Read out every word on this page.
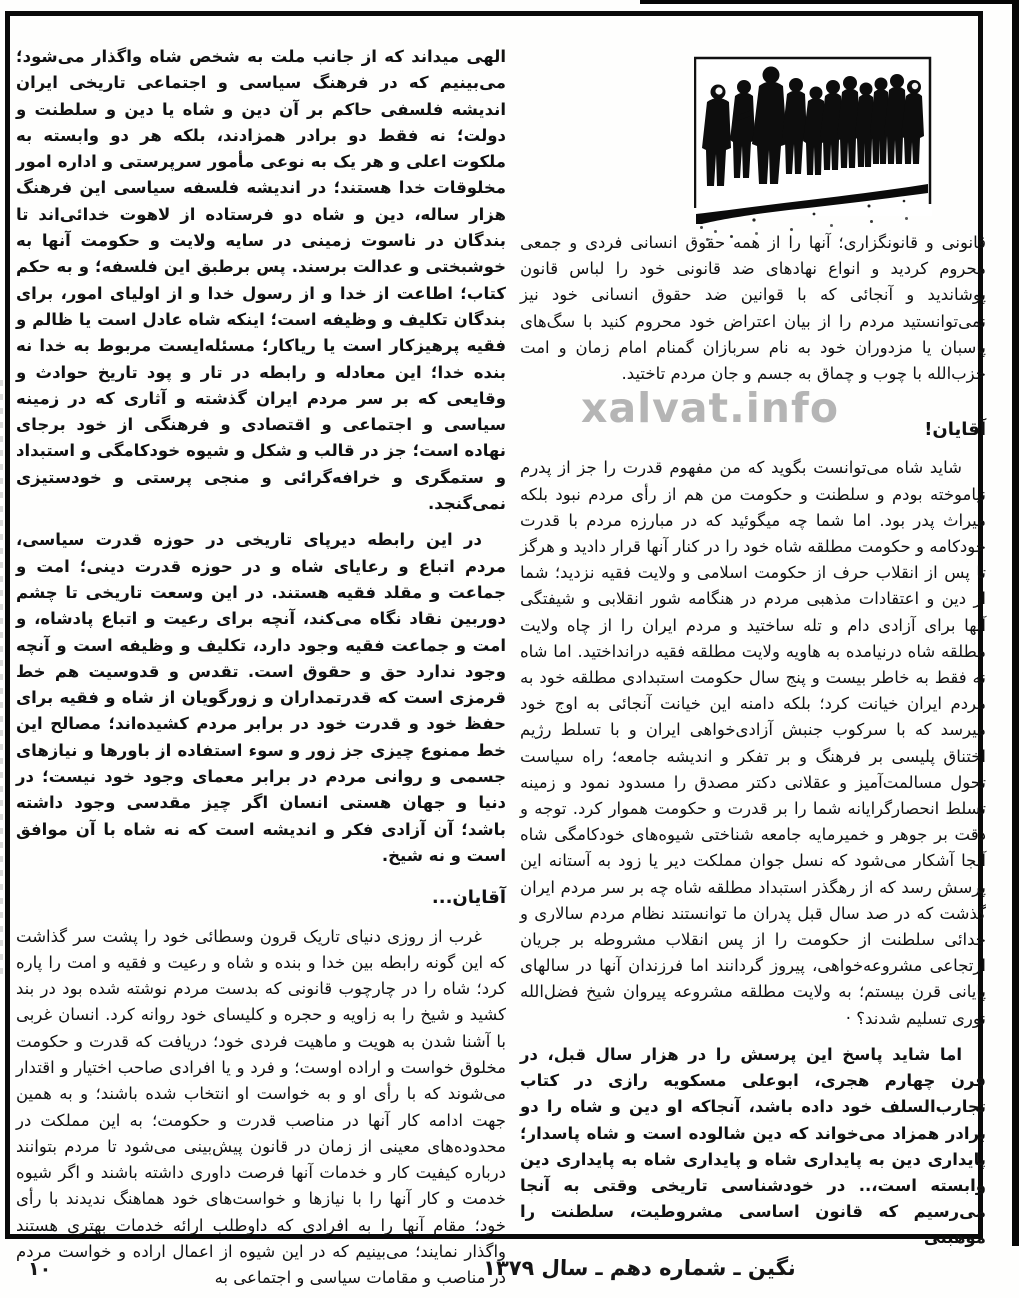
الهی میداند که از جانب ملت به شخص شاه واگذار می‌شود؛ می‌بینیم که در فرهنگ سیاسی و اجتماعی تاریخی ایران اندیشه فلسفی حاکم بر آن دین و شاه یا دین و سلطنت و دولت؛ نه فقط دو برادر همزادند، بلکه هر دو وابسته به ملکوت اعلی و هر یک به نوعی مأمور سرپرستی و اداره امور مخلوقات خدا هستند؛ در اندیشه فلسفه سیاسی این فرهنگ هزار ساله، دین و شاه دو فرستاده از لاهوت خدائی‌اند تا بندگان در ناسوت زمینی در سایه ولایت و حکومت آنها به خوشبختی و عدالت برسند. پس برطبق این فلسفه؛ و به حکم کتاب؛ اطاعت از خدا و از رسول خدا و از اولیای امور، برای بندگان تکلیف و وظیفه است؛ اینکه شاه عادل است یا ظالم و فقیه پرهیزکار است یا ریاکار؛ مسئله‌ایست مربوط به خدا نه بنده خدا؛ این معادله و رابطه در تار و پود تاریخ حوادث و وقایعی که بر سر مردم ایران گذشته و آثاری که در زمینه سیاسی و اجتماعی و اقتصادی و فرهنگی از خود برجای نهاده است؛ جز در قالب و شکل و شیوه خودکامگی و استبداد و ستمگری و خرافه‌گرائی و منجی پرستی و خودستیزی نمی‌گنجد.

در این رابطه دیرپای تاریخی در حوزه قدرت سیاسی، مردم اتباع و رعایای شاه و در حوزه قدرت دینی؛ امت و جماعت و مقلد فقیه هستند. در این وسعت تاریخی تا چشم دوربین نقاد نگاه می‌کند، آنچه برای رعیت و اتباع پادشاه، و امت و جماعت فقیه وجود دارد، تکلیف و وظیفه است و آنچه وجود ندارد حق و حقوق است. تقدس و قدوسیت هم خط قرمزی است که قدرتمداران و زورگویان از شاه و فقیه برای حفظ خود و قدرت خود در برابر مردم کشیده‌اند؛ مصالح این خط ممنوع چیزی جز زور و سوء استفاده از باورها و نیازهای جسمی و روانی مردم در برابر معمای وجود خود نیست؛ در دنیا و جهان هستی انسان اگر چیز مقدسی وجود داشته باشد؛ آن آزادی فکر و اندیشه است که نه شاه با آن موافق است و نه شیخ.

آقایان...

غرب از روزی دنیای تاریک قرون وسطائی خود را پشت سر گذاشت که این گونه رابطه بین خدا و بنده و شاه و رعیت و فقیه و امت را پاره کرد؛ شاه را در چارچوب قانونی که بدست مردم نوشته شده بود در بند کشید و شیخ را به زاویه و حجره و کلیسای خود روانه کرد. انسان غربی با آشنا شدن به هویت و ماهیت فردی خود؛ دریافت که قدرت و حکومت مخلوق خواست و اراده اوست؛ و فرد و یا افرادی صاحب اختیار و اقتدار می‌شوند که با رأی او و به خواست او انتخاب شده باشند؛ و به همین جهت ادامه کار آنها در مناصب قدرت و حکومت؛ به این مملکت در محدوده‌های معینی از زمان در قانون پیش‌بینی می‌شود تا مردم بتوانند درباره کیفیت کار و خدمات آنها فرصت داوری داشته باشند و اگر شیوه خدمت و کار آنها را با نیازها و خواست‌های خود هماهنگ ندیدند با رأی خود؛ مقام آنها را به افرادی که داوطلب ارائه خدمات بهتری هستند واگذار نمایند؛ می‌بینیم که در این شیوه از اعمال اراده و خواست مردم در مناصب و مقامات سیاسی و اجتماعی به

xalvat.info

قانونی و قانونگزاری؛ آنها را از همه حقوق انسانی فردی و جمعی محروم کردید و انواع نهادهای ضد قانونی خود را لباس قانون پوشاندید و آنجائی که با قوانین ضد حقوق انسانی خود نیز نمی‌توانستید مردم را از بیان اعتراض خود محروم کنید با سگ‌های پاسبان یا مزدوران خود به نام سربازان گمنام امام زمان و امت حزب‌الله با چوب و چماق به جسم و جان مردم تاختید.

آقایان!

شاید شاه می‌توانست بگوید که من مفهوم قدرت را جز از پدرم نیاموخته بودم و سلطنت و حکومت من هم از رأی مردم نبود بلکه میراث پدر بود. اما شما چه میگوئید که در مبارزه مردم با قدرت خودکامه و حکومت مطلقه شاه خود را در کنار آنها قرار دادید و هرگز تا پس از انقلاب حرف از حکومت اسلامی و ولایت فقیه نزدید؛ شما از دین و اعتقادات مذهبی مردم در هنگامه شور انقلابی و شیفتگی آنها برای آزادی دام و تله ساختید و مردم ایران را از چاه ولایت مطلقه شاه درنیامده به هاویه ولایت مطلقه فقیه درانداختید. اما شاه نه فقط به خاطر بیست و پنج سال حکومت استبدادی مطلقه خود به مردم ایران خیانت کرد؛ بلکه دامنه این خیانت آنجائی به اوج خود میرسد که با سرکوب جنبش آزادی‌خواهی ایران و با تسلط رژیم اختناق پلیسی بر فرهنگ و بر تفکر و اندیشه جامعه؛ راه سیاست تحول مسالمت‌آمیز و عقلانی دکتر مصدق را مسدود نمود و زمینه تسلط انحصارگرایانه شما را بر قدرت و حکومت هموار کرد. توجه و دقت بر جوهر و خمیرمایه جامعه شناختی شیوه‌های خودکامگی شاه آنجا آشکار می‌شود که نسل جوان مملکت دیر یا زود به آستانه این پرسش رسد که از رهگذر استبداد مطلقه شاه چه بر سر مردم ایران گذشت که در صد سال قبل پدران ما توانستند نظام مردم سالاری و جدائی سلطنت از حکومت را از پس انقلاب مشروطه بر جریان ارتجاعی مشروعه‌خواهی، پیروز گردانند اما فرزندان آنها در سالهای پایانی قرن بیستم؛ به ولایت مطلقه مشروعه پیروان شیخ فضل‌الله نوری تسلیم شدند؟ ·

اما شاید پاسخ این پرسش را در هزار سال قبل، در قرن چهارم هجری، ابوعلی مسکویه رازی در کتاب تجارب‌السلف خود داده باشد، آنجاکه او دین و شاه را دو برادر همزاد می‌خواند که دین شالوده است و شاه پاسدار؛ پایداری دین به پایداری شاه و پایداری شاه به پایداری دین وابسته است،.. در خودشناسی تاریخی وقتی به آنجا می‌رسیم که قانون اساسی مشروطیت، سلطنت را موهبتی

نگین ـ شماره دهم ـ سال ۱۳۷۹
۱۰
